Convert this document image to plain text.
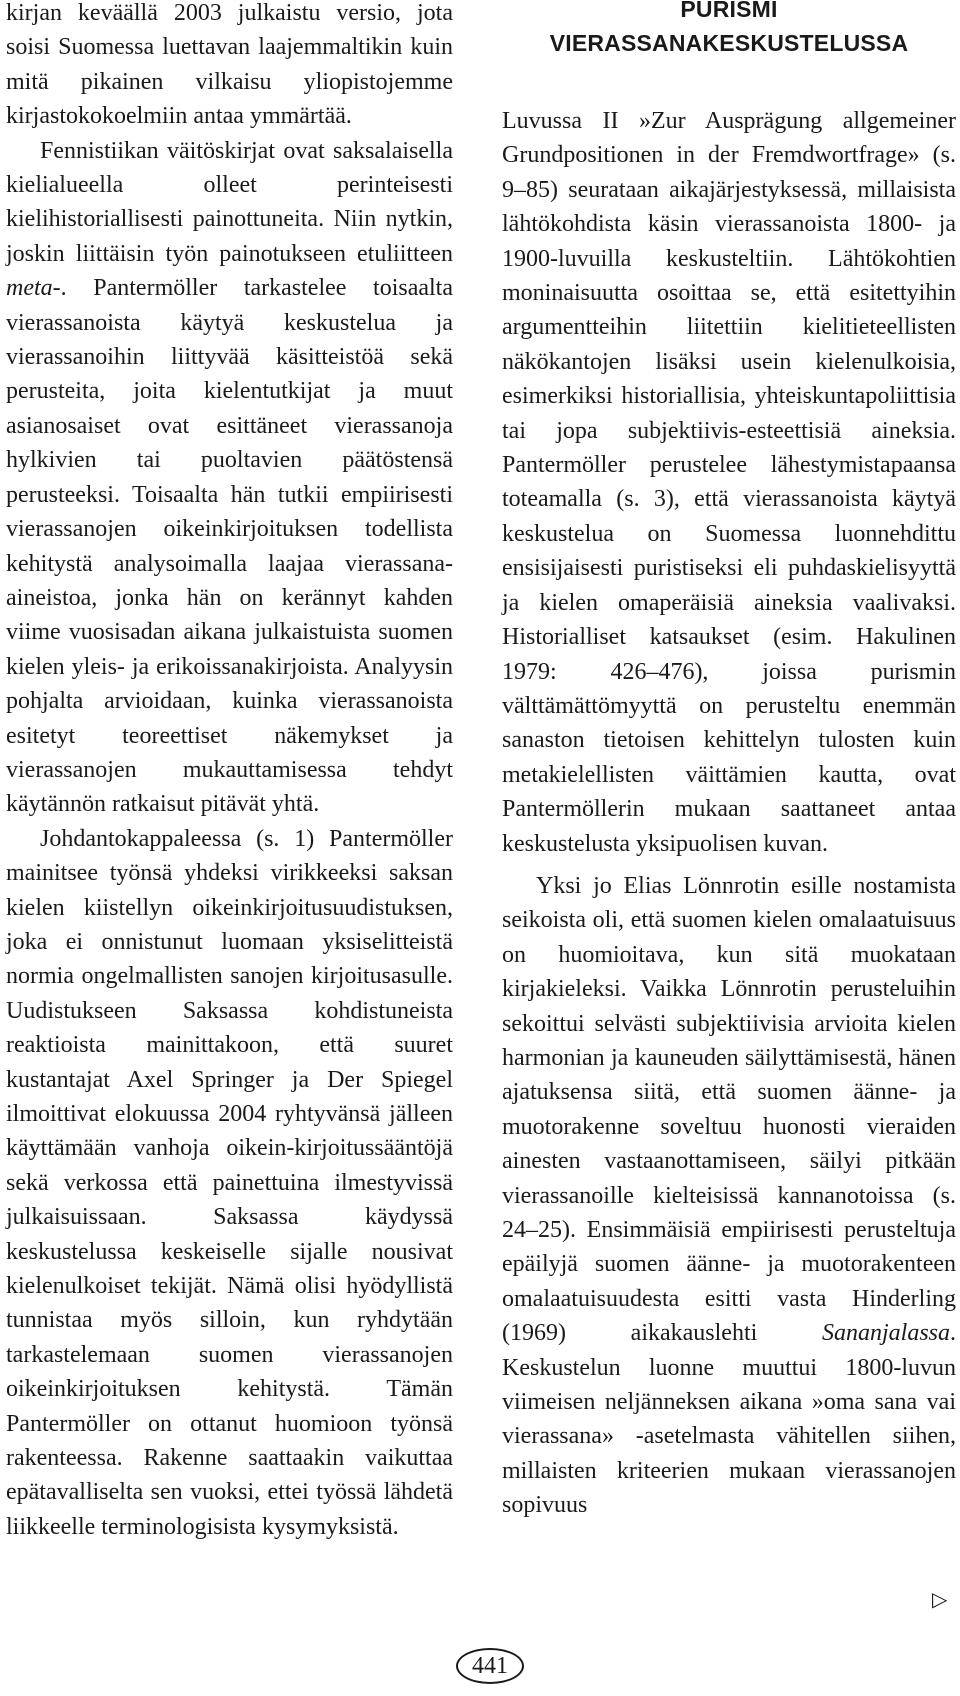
kirjan keväällä 2003 julkaistu versio, jota soisi Suomessa luettavan laajemmaltikin kuin mitä pikainen vilkaisu yliopistojemme kirjastokokoelmiin antaa ymmärtää.

Fennistiikan väitöskirjat ovat saksalaisella kielialueella olleet perinteisesti kielihistoriallisesti painottuneita. Niin nytkin, joskin liittäisin työn painotukseen etuliitteen meta-. Pantermöller tarkastelee toisaalta vierassanoista käytyä keskustelua ja vierassanoihin liittyvää käsitteistöä sekä perusteita, joita kielentutkijat ja muut asianosaiset ovat esittäneet vierassanoja hylkivien tai puoltavien päätöstensä perusteeksi. Toisaalta hän tutkii empiirisesti vierassanojen oikeinkirjoituksen todellista kehitystä analysoimalla laajaa vierassana-aineistoa, jonka hän on kerännyt kahden viime vuosisadan aikana julkaistuista suomen kielen yleis- ja erikoissanakirjoista. Analyysin pohjalta arvioidaan, kuinka vierassanoista esitetyt teoreettiset näkemykset ja vierassanojen mukauttamisessa tehdyt käytännön ratkaisut pitävät yhtä.

Johdantokappaleessa (s. 1) Pantermöller mainitsee työnsä yhdeksi virikkeeksi saksan kielen kiistellyn oikeinkirjoitusuudistuksen, joka ei onnistunut luomaan yksiselitteistä normia ongelmallisten sanojen kirjoitusasulle. Uudistukseen Saksassa kohdistuneista reaktioista mainittakoon, että suuret kustantajat Axel Springer ja Der Spiegel ilmoittivat elokuussa 2004 ryhtyvänsä jälleen käyttämään vanhoja oikein-kirjoitussääntöjä sekä verkossa että painettuina ilmestyvissä julkaisuissaan. Saksassa käydyssä keskustelussa keskeiselle sijalle nousivat kielenulkoiset tekijät. Nämä olisi hyödyllistä tunnistaa myös silloin, kun ryhdytään tarkastelemaan suomen vierassanojen oikeinkirjoituksen kehitystä. Tämän Pantermöller on ottanut huomioon työnsä rakenteessa. Rakenne saattaakin vaikuttaa epätavalliselta sen vuoksi, ettei työssä lähdetä liikkeelle terminologisista kysymyksistä.

PURISMI
VIERASSANAKESKUSTELUSSA

Luvussa II »Zur Ausprägung allgemeiner Grundpositionen in der Fremdwortfrage» (s. 9–85) seurataan aikajärjestyksessä, millaisista lähtökohdista käsin vierassanoista 1800- ja 1900-luvuilla keskusteltiin. Lähtökohtien moninaisuutta osoittaa se, että esitettyihin argumentteihin liitettiin kielitieteellisten näkökantojen lisäksi usein kielenulkoisia, esimerkiksi historiallisia, yhteiskuntapoliittisia tai jopa subjektiivis-esteettisiä aineksia. Pantermöller perustelee lähestymistapaansa toteamalla (s. 3), että vierassanoista käytyä keskustelua on Suomessa luonnehdittu ensisijaisesti puristiseksi eli puhdaskielisyyttä ja kielen omaperäisiä aineksia vaalivaksi. Historialliset katsaukset (esim. Hakulinen 1979: 426–476), joissa purismin välttämättömyyttä on perusteltu enemmän sanaston tietoisen kehittelyn tulosten kuin metakielellisten väittämien kautta, ovat Pantermöllerin mukaan saattaneet antaa keskustelusta yksipuolisen kuvan.

Yksi jo Elias Lönnrotin esille nostamista seikoista oli, että suomen kielen omalaatuisuus on huomioitava, kun sitä muokataan kirjakieleksi. Vaikka Lönnrotin perusteluihin sekoittui selvästi subjektiivisia arvioita kielen harmonian ja kauneuden säilyttämisestä, hänen ajatuksensa siitä, että suomen äänne- ja muotorakenne soveltuu huonosti vieraiden ainesten vastaanottamiseen, säilyi pitkään vierassanoille kielteisissä kannanotoissa (s. 24–25). Ensimmäisiä empiirisesti perusteltuja epäilyjä suomen äänne- ja muotorakenteen omalaatuisuudesta esitti vasta Hinderling (1969) aikakauslehti Sananjalassa. Keskustelun luonne muuttui 1800-luvun viimeisen neljänneksen aikana »oma sana vai vierassana» -asetelmasta vähitellen siihen, millaisten kriteerien mukaan vierassanojen sopivuus

▷
441
